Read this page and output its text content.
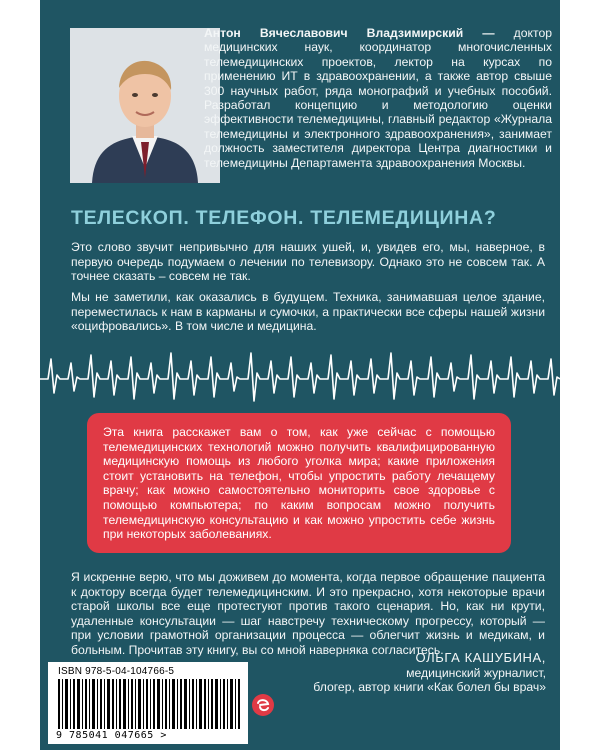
Антон Вячеславович Владзимирский — доктор медицинских наук, координатор многочисленных телемедицинских проектов, лектор на курсах по применению ИТ в здравоохранении, а также автор свыше 300 научных работ, ряда монографий и учебных пособий. Разработал концепцию и методологию оценки эффективности телемедицины, главный редактор «Журнала телемедицины и электронного здравоохранения», занимает должность заместителя директора Центра диагностики и телемедицины Департамента здравоохранения Москвы.
ТЕЛЕСКОП. ТЕЛЕФОН. ТЕЛЕМЕДИЦИНА?
Это слово звучит непривычно для наших ушей, и, увидев его, мы, наверное, в первую очередь подумаем о лечении по телевизору. Однако это не совсем так. А точнее сказать – совсем не так.
Мы не заметили, как оказались в будущем. Техника, занимавшая целое здание, переместилась к нам в карманы и сумочки, а практически все сферы нашей жизни «оцифровались». В том числе и медицина.
Эта книга расскажет вам о том, как уже сейчас с помощью телемедицинских технологий можно получить квалифицированную медицинскую помощь из любого уголка мира; какие приложения стоит установить на телефон, чтобы упростить работу лечащему врачу; как можно самостоятельно мониторить свое здоровье с помощью компьютера; по каким вопросам можно получить телемедицинскую консультацию и как можно упростить себе жизнь при некоторых заболеваниях.
Я искренне верю, что мы доживем до момента, когда первое обращение пациента к доктору всегда будет телемедицинским. И это прекрасно, хотя некоторые врачи старой школы все еще протестуют против такого сценария. Но, как ни крути, удаленные консультации — шаг навстречу техническому прогрессу, который — при условии грамотной организации процесса — облегчит жизнь и медикам, и больным. Прочитав эту книгу, вы со мной наверняка согласитесь.
ОЛЬГА КАШУБИНА,
медицинский журналист,
блогер, автор книги «Как болел бы врач»
ISBN 978-5-04-104766-5
9 785041 047665 >
